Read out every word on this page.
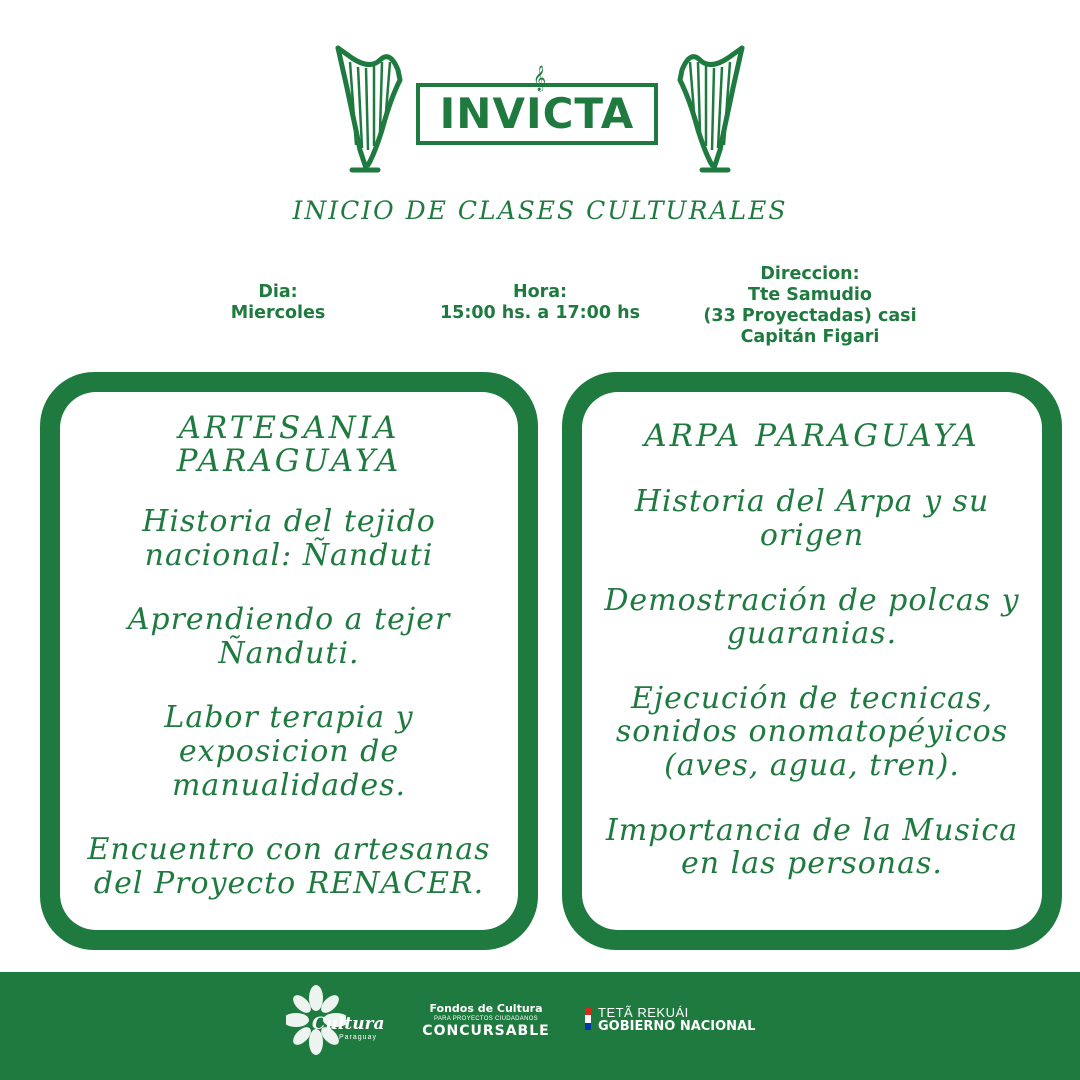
𝄞
INVICTA
INICIO DE CLASES CULTURALES
Dia:
Miercoles
Hora:
15:00 hs. a 17:00 hs
Direccion:
Tte Samudio
(33 Proyectadas) casi
Capitán Figari
ARTESANIA
PARAGUAYA
Historia del tejido
nacional: Ñanduti
Aprendiendo a tejer
Ñanduti.
Labor terapia y
exposicion de
manualidades.
Encuentro con artesanas
del Proyecto RENACER.
ARPA PARAGUAYA
Historia del Arpa y su
origen
Demostración de polcas y
guaranias.
Ejecución de tecnicas,
sonidos onomatopéyicos
(aves, agua, tren).
Importancia de la Musica
en las personas.
Cultura
Paraguay
Fondos de Cultura
PARA PROYECTOS CIUDADANOS
CONCURSABLE
TETÃ REKUÁI
GOBIERNO NACIONAL
